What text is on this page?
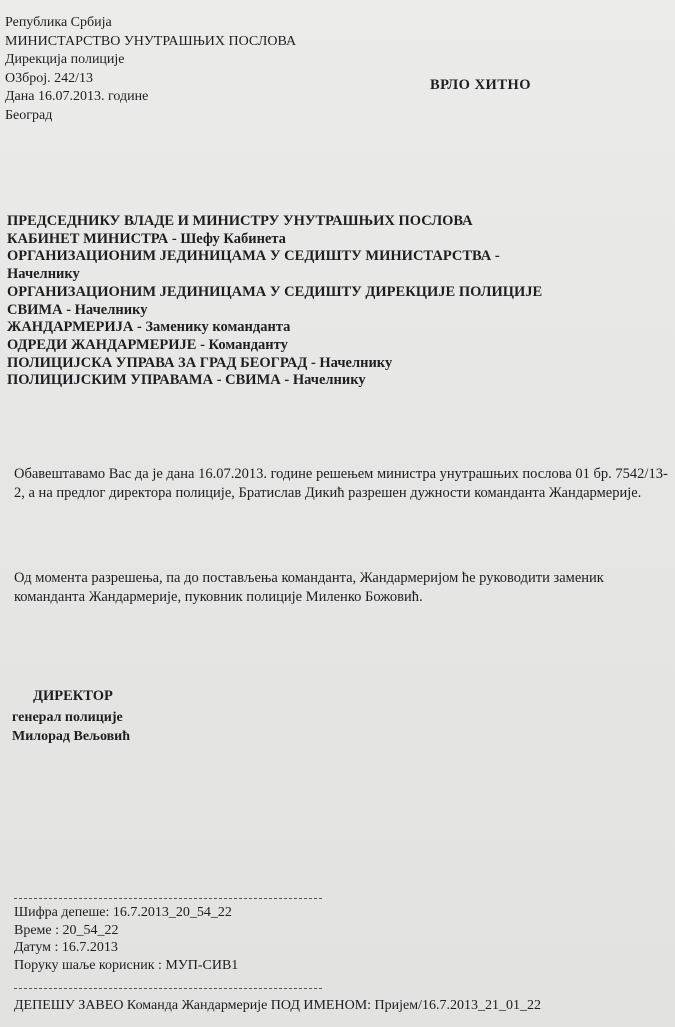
Република Србија
МИНИСТАРСТВО УНУТРАШЊИХ ПОСЛОВА
Дирекција полиције
О3број. 242/13
Дана 16.07.2013. године
Београд
ВРЛО ХИТНО
ПРЕДСЕДНИКУ ВЛАДЕ И МИНИСТРУ УНУТРАШЊИХ ПОСЛОВА
КАБИНЕТ МИНИСТРА - Шефу Кабинета
ОРГАНИЗАЦИОНИМ ЈЕДИНИЦАМА У СЕДИШТУ МИНИСТАРСТВА -
Начелнику
ОРГАНИЗАЦИОНИМ ЈЕДИНИЦАМА У СЕДИШТУ ДИРЕКЦИЈЕ ПОЛИЦИЈЕ
СВИМА - Начелнику
ЖАНДАРМЕРИЈА - Заменику команданта
ОДРЕДИ ЖАНДАРМЕРИЈЕ - Команданту
ПОЛИЦИЈСКА УПРАВА ЗА ГРАД БЕОГРАД - Начелнику
ПОЛИЦИЈСКИМ УПРАВАМА - СВИМА - Начелнику
Обавештавамо Вас да је дана 16.07.2013. године решењем министра унутрашњих послова 01 бр. 7542/13-2, а на предлог директора полиције, Братислав Дикић разрешен дужности команданта Жандармерије.
Од момента разрешења, па до постављења команданта, Жандармеријом ће руководити заменик команданта Жандармерије, пуковник полиције Миленко Божовић.
ДИРЕКТОР
генерал полиције
Милорад Вељовић
Шифра депеше: 16.7.2013_20_54_22
Време : 20_54_22
Датум : 16.7.2013
Поруку шаље корисник : МУП-СИВ1
ДЕПЕШУ ЗАВЕО Команда Жандармерије ПОД ИМЕНОМ: Пријем/16.7.2013_21_01_22
